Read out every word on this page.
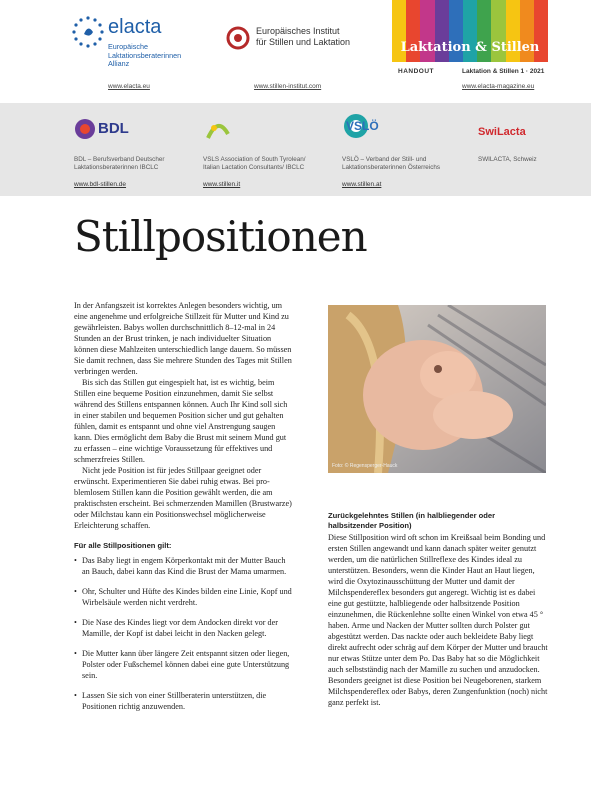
elacta
Europäische
Laktationsberaterinnen
Allianz
www.elacta.eu
Europäisches Institut
für Stillen und Laktation
www.stillen-institut.com
Laktation & Stillen
HANDOUT	Laktation & Stillen 1 · 2021
www.elacta-magazine.eu
BDL
BDL – Berufsverband Deutscher
Laktationsberaterinnen IBCLC
www.bdl-stillen.de
VSLS Association of South Tyrolean/
Italian Lactation Consultants/ IBCLC
www.stillen.it
VSLÖ
VSLÖ – Verband der Still- und
Laktationsberaterinnen Österreichs
www.stillen.at
SwiLacta
SWILACTA, Schweiz
Stillpositionen

In der Anfangszeit ist korrektes Anlegen besonders wichtig, um eine angenehme und erfolgreiche Stillzeit für Mutter und Kind zu gewährleisten. Babys wollen durchschnittlich 8–12-mal in 24 Stunden an der Brust trinken, je nach individuelter Situation können diese Mahlzeiten unterschiedlich lange dauern. So müssen Sie damit rechnen, dass Sie mehrere Stunden des Tages mit Stillen verbringen werden.

Bis sich das Stillen gut eingespielt hat, ist es wichtig, beim Stillen eine bequeme Position einzunehmen, damit Sie selbst während des Stillens entspannen können. Auch Ihr Kind soll sich in einer stabilen und bequemen Position sicher und gut gehalten fühlen, damit es entspannt und ohne viel Anstrengung saugen kann. Dies ermöglicht dem Baby die Brust mit seinem Mund gut zu erfassen – eine wichtige Voraussetzung für effektives und schmerzfreies Stillen.

Nicht jede Position ist für jedes Stillpaar geeignet oder erwünscht. Experimentieren Sie dabei ruhig etwas. Bei problemlosem Stillen kann die Position gewählt werden, die am praktischsten erscheint. Bei schmerzenden Mamillen (Brustwarze) oder Milchstau kann ein Positionswechsel möglicherweise Erleichterung schaffen.

Für alle Stillpositionen gilt:
• Das Baby liegt in engem Körperkontakt mit der Mutter Bauch an Bauch, dabei kann das Kind die Brust der Mama umarmen.
• Ohr, Schulter und Hüfte des Kindes bilden eine Linie, Kopf und Wirbelsäule werden nicht verdreht.
• Die Nase des Kindes liegt vor dem Andocken direkt vor der Mamille, der Kopf ist dabei leicht in den Nacken gelegt.
• Die Mutter kann über längere Zeit entspannt sitzen oder liegen, Polster oder Fußschemel können dabei eine gute Unterstützung sein.
• Lassen Sie sich von einer Stillberaterin unterstützen, die Positionen richtig anzuwenden.
Foto: © Regensperger-Hauck
Zurückgelehntes Stillen (in halbliegender oder
halbsitzender Position)

Diese Stillposition wird oft schon im Kreißsaal beim Bonding und ersten Stillen angewandt und kann danach später weiter genutzt werden, um die natürlichen Stillreflexe des Kindes ideal zu unterstützen. Besonders, wenn die Kinder Haut an Haut liegen, wird die Oxytozinausschüttung der Mutter und damit der Milchspendereflex besonders gut angeregt. Wichtig ist es dabei eine gut gestützte, halbliegende oder halbsitzende Position einzunehmen, die Rückenlehne sollte einen Winkel von etwa 45 ° haben. Arme und Nacken der Mutter sollten durch Polster gut abgestützt werden. Das nackte oder auch bekleidete Baby liegt direkt aufrecht oder schräg auf dem Körper der Mutter und braucht nur etwas Stütze unter dem Po. Das Baby hat so die Möglichkeit auch selbstständig nach der Mamille zu suchen und anzudocken. Besonders geeignet ist diese Position bei Neugeborenen, starkem Milchspendereflex oder Babys, deren Zungenfunktion (noch) nicht ganz perfekt ist.
